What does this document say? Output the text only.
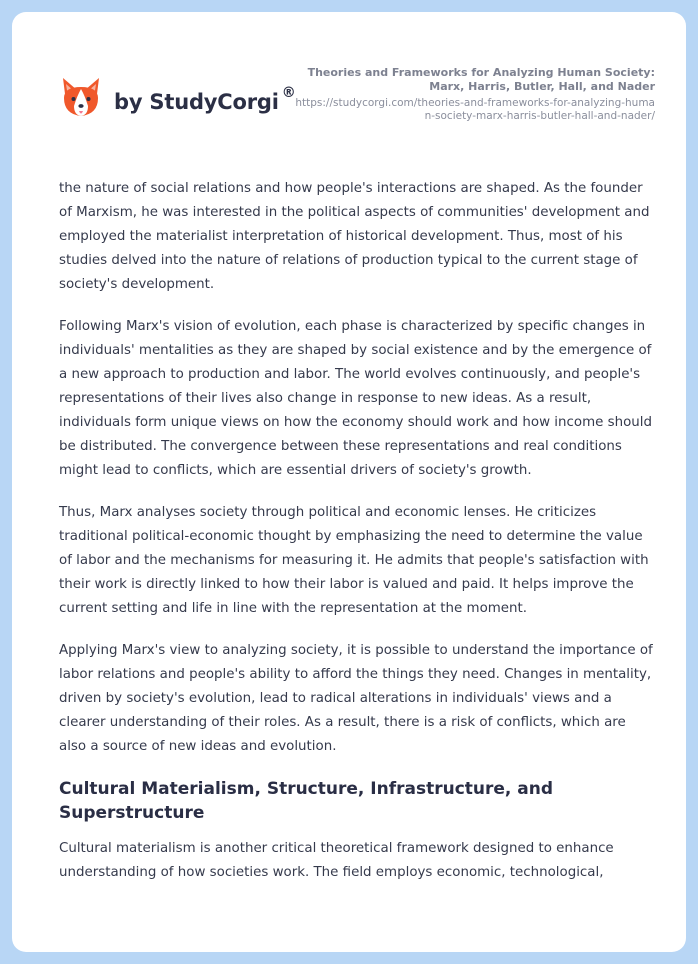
by StudyCorgi ®
Theories and Frameworks for Analyzing Human Society: Marx, Harris, Butler, Hall, and Nader
https://studycorgi.com/theories-and-frameworks-for-analyzing-human-society-marx-harris-butler-hall-and-nader/

the nature of social relations and how people's interactions are shaped. As the founder of Marxism, he was interested in the political aspects of communities' development and employed the materialist interpretation of historical development. Thus, most of his studies delved into the nature of relations of production typical to the current stage of society's development.

Following Marx's vision of evolution, each phase is characterized by specific changes in individuals' mentalities as they are shaped by social existence and by the emergence of a new approach to production and labor. The world evolves continuously, and people's representations of their lives also change in response to new ideas. As a result, individuals form unique views on how the economy should work and how income should be distributed. The convergence between these representations and real conditions might lead to conflicts, which are essential drivers of society's growth.

Thus, Marx analyses society through political and economic lenses. He criticizes traditional political-economic thought by emphasizing the need to determine the value of labor and the mechanisms for measuring it. He admits that people's satisfaction with their work is directly linked to how their labor is valued and paid. It helps improve the current setting and life in line with the representation at the moment.

Applying Marx's view to analyzing society, it is possible to understand the importance of labor relations and people's ability to afford the things they need. Changes in mentality, driven by society's evolution, lead to radical alterations in individuals' views and a clearer understanding of their roles. As a result, there is a risk of conflicts, which are also a source of new ideas and evolution.

Cultural Materialism, Structure, Infrastructure, and Superstructure

Cultural materialism is another critical theoretical framework designed to enhance understanding of how societies work. The field employs economic, technological,
